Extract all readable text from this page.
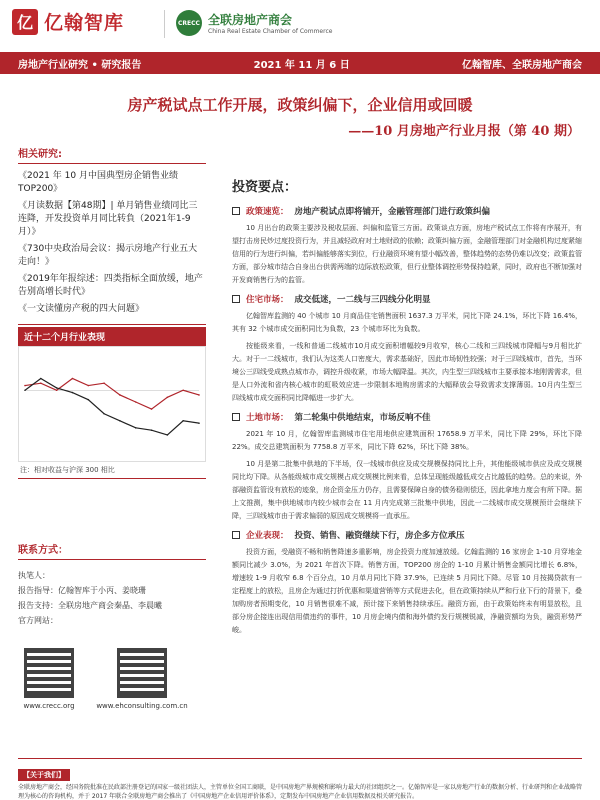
亿 亿翰智库	CRECC 全联房地产商会
China Real Estate Chamber of Commerce
房地产行业研究 • 研究报告	2021 年 11 月 6 日	亿翰智库、全联房地产商会
房产税试点工作开展，政策纠偏下，企业信用或回暖
——10 月房地产行业月报（第 40 期）
相关研究:
《2021 年 10 月中国典型房企销售业绩 TOP200》
《月读数据【第48期】| 单月销售业绩同比三连降，开发投资单月同比转負（2021年1-9月）》
《730中央政治局会议：揭示房地产行业五大走向！》
《2019年年报综述：四类指标全面放缓，地产告别高增长时代》
《一文读懂房产税的四大问题》
近十二个月行业表现
注：相对收益与沪深 300 相比
联系方式：

执笔人：

报告指导：亿翰智库于小丙、姜晓珊

报告支持：全联房地产商会秦晶、李晨曦

官方网站：

www.crecc.org	www.ehconsulting.com.cn
投资要点：
政策速览： 房地产税试点即将铺开，金融管理部门进行政策纠偏

10 月出台的政策主要涉及税收层面、纠偏和监管三方面。政策谈点方面，房地产税试点工作将有序展开，有望打击房民炒过度投资行为，并且减轻政府对土地财政的依赖；政策纠偏方面，金融管理部门对金融机构过度紧缩信用的行为进行纠偏，若纠偏能够落实到位，行业融资环境有望小幅改善，整体趋势的态势仍难以改变；政策监管方面，部分城市结合自身出台供需两端的边际放松政策，但行业整体调控形势保持趋紧，同时，政府也不断加强对开发商销售行为的监管。

住宅市场： 成交低迷，一二线与三四线分化明显

亿翰智库监测的 40 个城市 10 月商品住宅销售面积 1637.3 万平米，同比下降 24.1%，环比下降 16.4%，其有 32 个城市成交面积同比为負数，23 个城市环比为負数。

按能级来看，一线和普通二线城市10月成交面积增幅较9月收窄，核心二线和三四线城市降幅与9月相比扩大。对于一二线城市，我们认为这类人口密度大，需求基础好，因此市场韧性较强；对于三四线城市，首先，当环境公三四线受成熟点城市办，调控升级收紧，市场大幅降温。其次，内生型三四线城市主要承接本地刚需需求，但是人口外流和省内核心城市的虹吸效应进一步限制本地购房需求的大幅释放会导致需求支撑薄弱。10月内生型三四线城市成交面积同比降幅进一步扩大。

土地市场： 第二轮集中供地结束，市场反响不佳

2021 年 10 月，亿翰智库监测城市住宅用地供应建筑面积 17658.9 万平米，同比下降 29%，环比下降 22%。成交总建筑面积为 7758.8 万平米，同比下降 62%，环比下降 38%。

10 月是第二批集中供地的下半场，仅一线城市供应及成交规模保持同比上升，其他能级城市供应及成交规模同比均下降。从各能级城市成交规模占成交规模比例来看，总体呈现能级越低成交占比越低的趋势。总的来说，外部融资监管没有放松的迹象，房企资金压力仍存，且需要保障自身的债务稳则偿还，因此拿地力度会有所下降。据上文推测，集中供地城市内较少城市会在 11 月内完成第三批集中供地，因此一二线城市成交规模预计会继续下降，三四线城市由于需求偏弱的原因成交规模将一直承压。

企业表现： 投资、销售、融资继续下行，房企多方位承压

投资方面，受融资不畅和销售降速多重影响，房企投资力度加速放缓。亿翰监测的 16 家房企 1-10 月穿地金额同比减少 3.0%，为 2021 年首次下降。销售方面，TOP200 房企的 1-10 月累计销售金额同比增长 6.8%，增速较 1-9 月收窄 6.8 个百分点，10 月单月同比下降 37.9%，已连续 5 月同比下降。尽管 10 月按揭贷款有一定程度上的放松，且房企为通过打折优惠和渠道营销等方式促进去化，但在政策持续从严和行业下行的背景下，叠加购房者预期变化，10 月销售很难不减，预计接下来销售持续承压。融资方面，由于政策始终未有明显放松，且部分房企接连出现信用债违约的事件，10 月房企境内债和海外债约发行规模锐减，净融资额均为负，融资形势严峻。

【关于我们】

全联房地产商会，经国务院批准在民政部注册登记的国家一级社团法人，主管单位全国工商联，是中国房地产界规模和影响力最大的社团组织之一。亿翰智库是一家以房地产行业的数据分析、行业研判和企业战略管理为核心的咨询机构，并于 2017 年联合全联房地产商会推出了《中国房地产企业信用评价体系》，定期发布中国房地产企业信用数据及相关研究报告。
